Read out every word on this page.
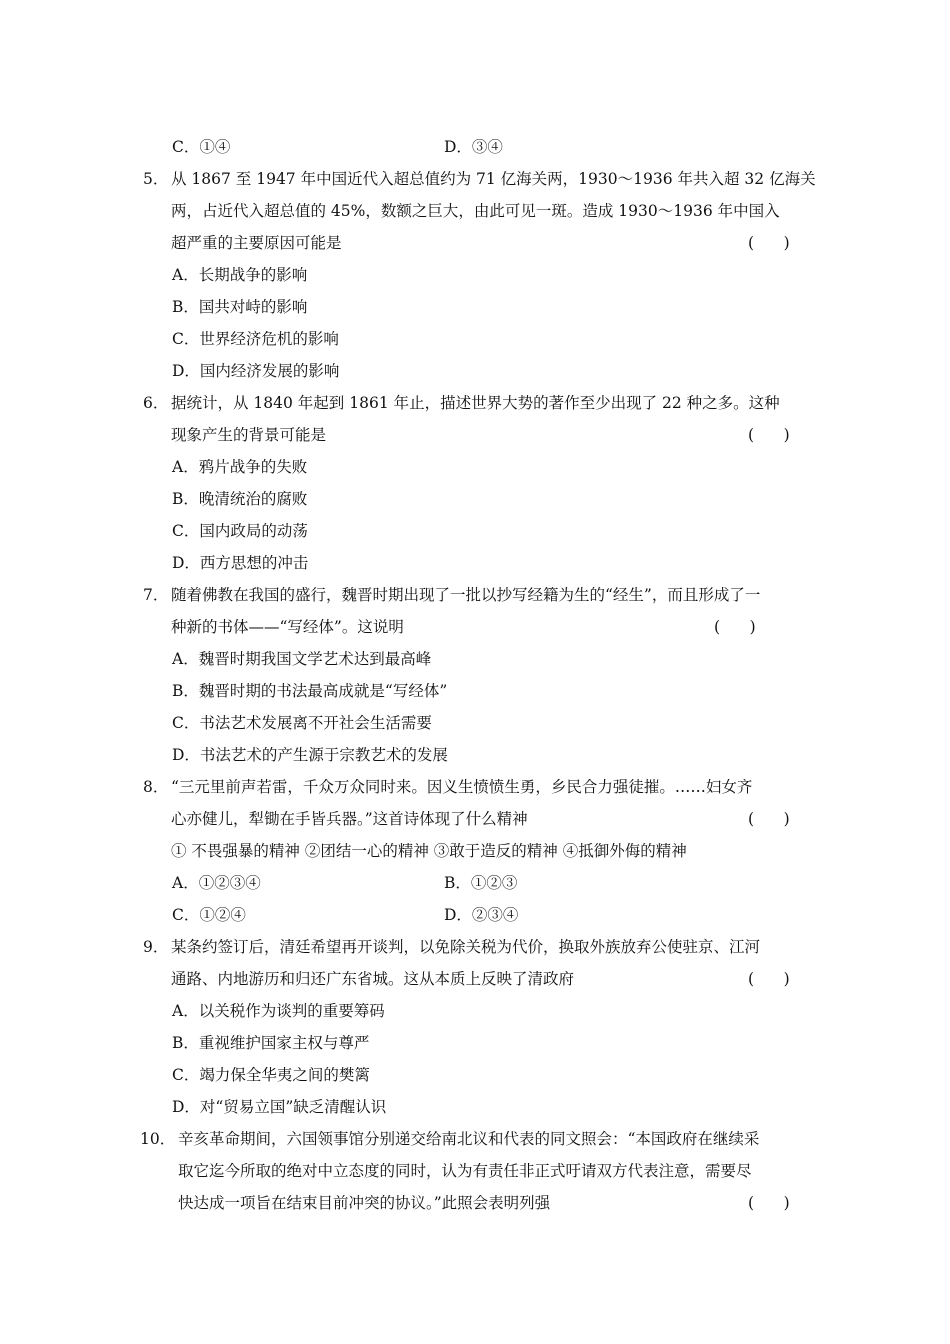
C．①④	D．③④
5． 从 1867 至 1947 年中国近代入超总值约为 71 亿海关两，1930～1936 年共入超 32 亿海关
两，占近代入超总值的 45%，数额之巨大，由此可见一斑。造成 1930～1936 年中国入
超严重的主要原因可能是	(      )
A．长期战争的影响
B．国共对峙的影响
C．世界经济危机的影响
D．国内经济发展的影响
6． 据统计，从 1840 年起到 1861 年止，描述世界大势的著作至少出现了 22 种之多。这种
现象产生的背景可能是	(      )
A．鸦片战争的失败
B．晚清统治的腐败
C．国内政局的动荡
D．西方思想的冲击
7． 随着佛教在我国的盛行，魏晋时期出现了一批以抄写经籍为生的“经生”，而且形成了一
种新的书体——“写经体”。这说明	(      )
A．魏晋时期我国文学艺术达到最高峰
B．魏晋时期的书法最高成就是“写经体”
C．书法艺术发展离不开社会生活需要
D．书法艺术的产生源于宗教艺术的发展
8． “三元里前声若雷，千众万众同时来。因义生愤愤生勇，乡民合力强徒摧。……妇女齐
心亦健儿，犁锄在手皆兵器。”这首诗体现了什么精神	(      )
① 不畏强暴的精神 ②团结一心的精神 ③敢于造反的精神 ④抵御外侮的精神
A．①②③④	B．①②③
C．①②④	D．②③④
9． 某条约签订后，清廷希望再开谈判，以免除关税为代价，换取外族放弃公使驻京、江河
通路、内地游历和归还广东省城。这从本质上反映了清政府	(      )
A．以关税作为谈判的重要筹码
B．重视维护国家主权与尊严
C．竭力保全华夷之间的樊篱
D．对“贸易立国”缺乏清醒认识
10． 辛亥革命期间，六国领事馆分别递交给南北议和代表的同文照会：“本国政府在继续采
取它迄今所取的绝对中立态度的同时，认为有责任非正式吁请双方代表注意，需要尽
快达成一项旨在结束目前冲突的协议。”此照会表明列强	(      )
